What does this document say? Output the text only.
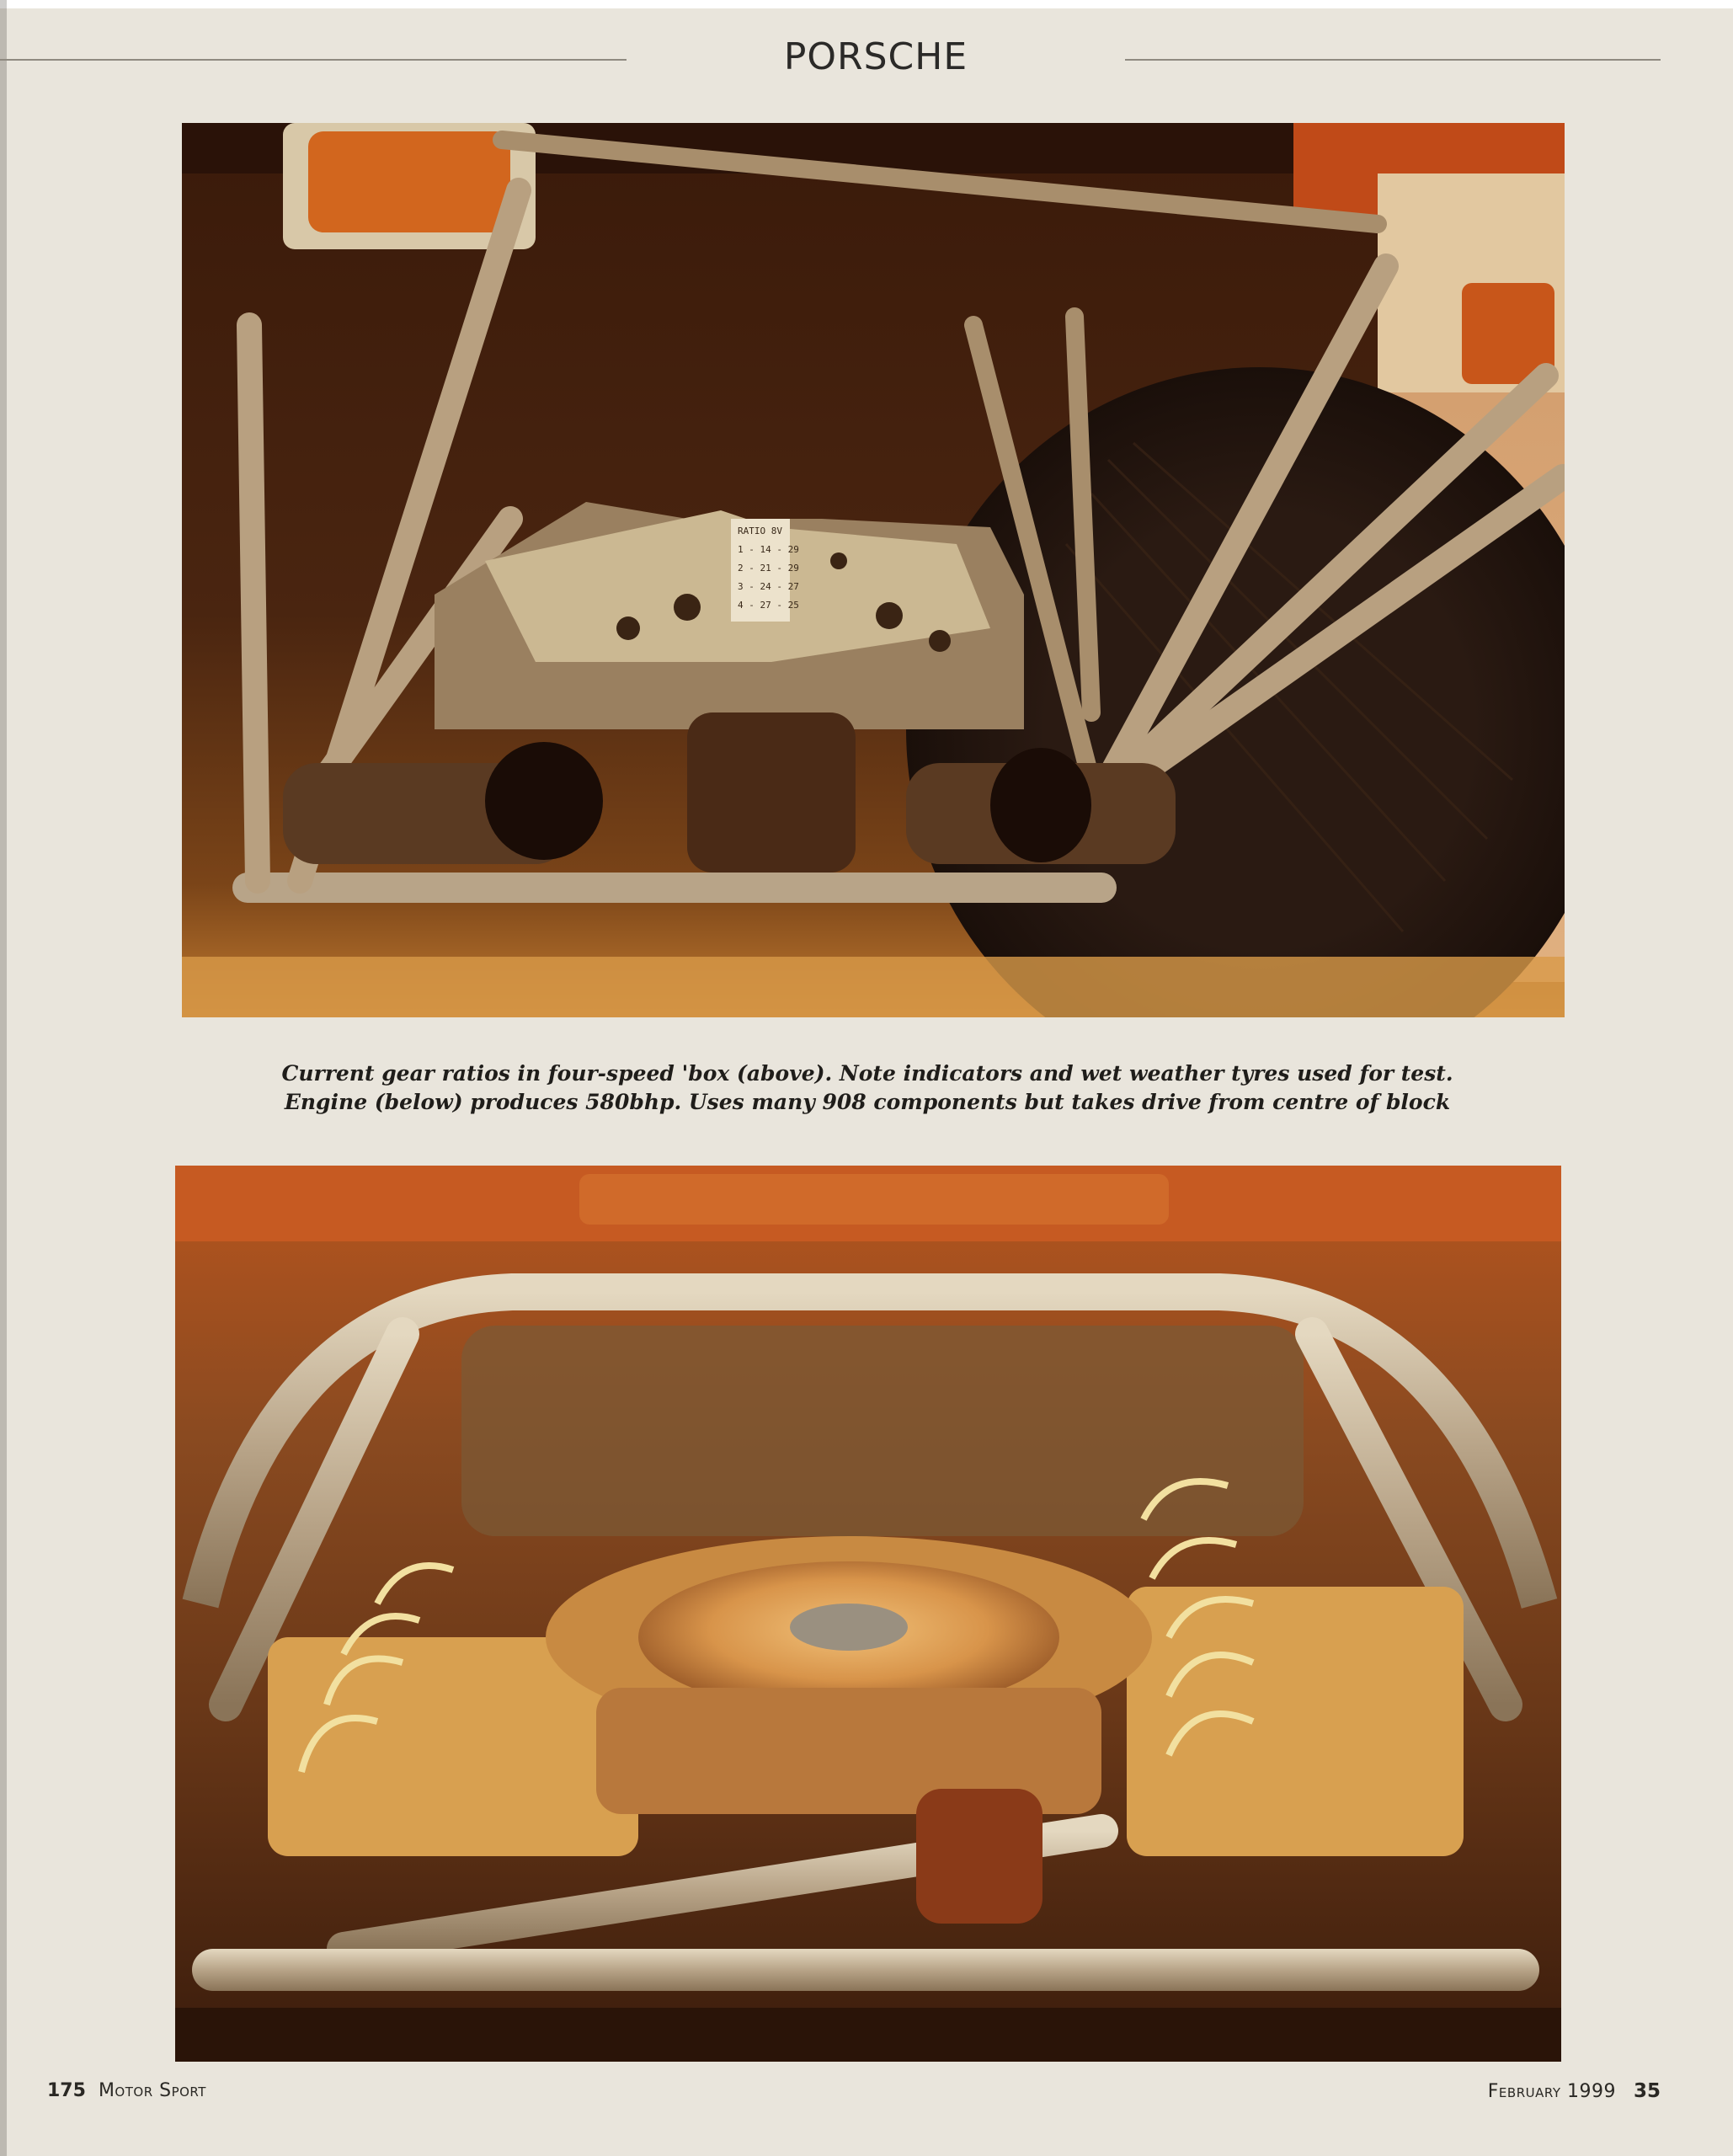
PORSCHE
RATIO 8V
1 - 14 - 29
2 - 21 - 29
3 - 24 - 27
4 - 27 - 25
Current gear ratios in four-speed 'box (above). Note indicators and wet weather tyres used for test.
Engine (below) produces 580bhp. Uses many 908 components but takes drive from centre of block
175 Motor Sport	February 1999 35
